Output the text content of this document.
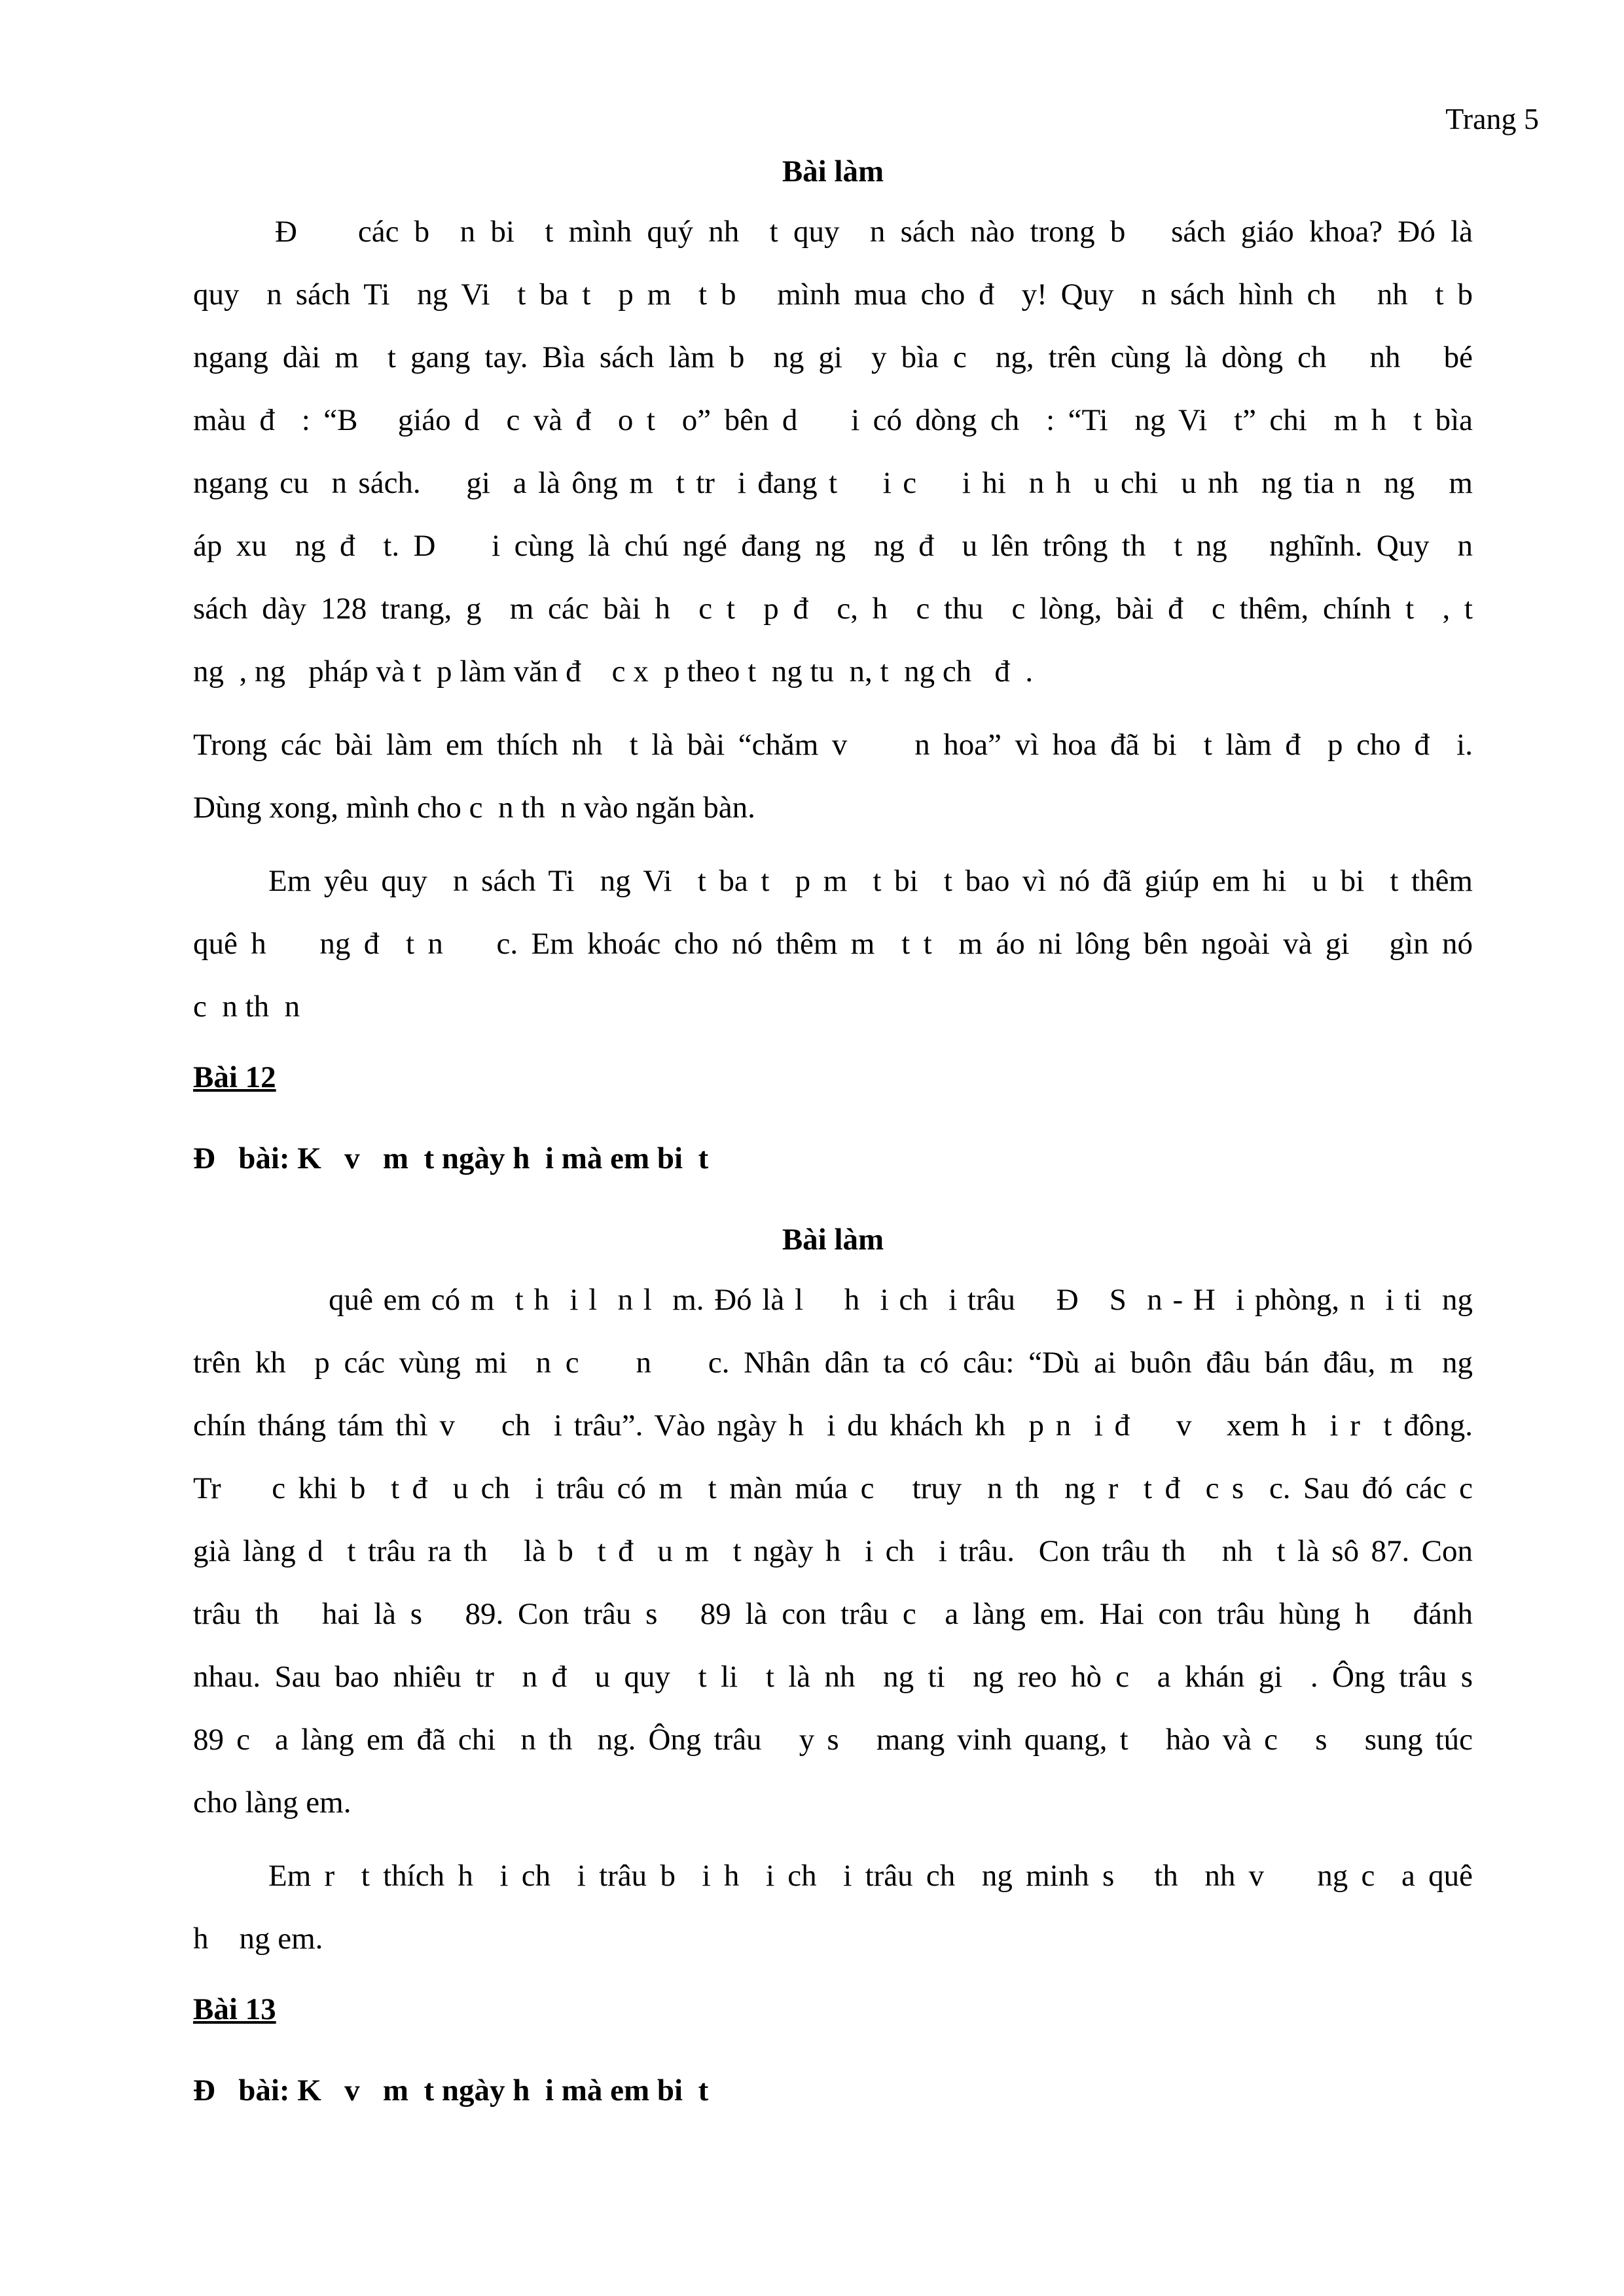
Trang 5
Bài làm
Đ    các b  n bi  t mình quý nh  t quy  n sách nào trong b   sách giáo khoa? Đó là
quy  n sách Ti  ng Vi  t ba t  p m  t b   mình mua cho đ  y! Quy  n sách hình ch   nh  t b
ngang dài m  t gang tay. Bìa sách làm b  ng gi  y bìa c  ng, trên cùng là dòng ch   nh   bé
màu đ  : “B   giáo d  c và đ  o t  o” bên d    i có dòng ch  : “Ti  ng Vi  t” chi  m h  t bìa
ngang cu  n sách.    gi  a là ông m  t tr  i đang t    i c    i hi  n h  u chi  u nh  ng tia n  ng   m
áp xu  ng đ  t. D    i cùng là chú ngé đang ng  ng đ  u lên trông th  t ng   nghĩnh. Quy  n
sách dày 128 trang, g  m các bài h  c t  p đ  c, h  c thu  c lòng, bài đ  c thêm, chính t  , t
ng  , ng   pháp và t  p làm văn đ    c x  p theo t  ng tu  n, t  ng ch   đ  .
Trong các bài làm em thích nh  t là bài “chăm v     n hoa” vì hoa đã bi  t làm đ  p cho đ  i.
Dùng xong, mình cho c  n th  n vào ngăn bàn.
Em yêu quy  n sách Ti  ng Vi  t ba t  p m  t bi  t bao vì nó đã giúp em hi  u bi  t thêm
quê h    ng đ  t n    c. Em khoác cho nó thêm m  t t  m áo ni lông bên ngoài và gi   gìn nó
c  n th  n
Bài 12
Đ   bài: K   v   m  t ngày h  i mà em bi  t
Bài làm
quê em có m  t h  i l  n l  m. Đó là l    h  i ch  i trâu    Đ   S  n - H  i phòng, n  i ti  ng
trên kh  p các vùng mi  n c    n    c. Nhân dân ta có câu: “Dù ai buôn đâu bán đâu, m  ng
chín tháng tám thì v    ch  i trâu”. Vào ngày h  i du khách kh  p n  i đ    v   xem h  i r  t đông.
Tr    c khi b  t đ  u ch  i trâu có m  t màn múa c   truy  n th  ng r  t đ  c s  c. Sau đó các c
già làng d  t trâu ra th   là b  t đ  u m  t ngày h  i ch  i trâu.  Con trâu th   nh  t là sô 87. Con
trâu th   hai là s   89. Con trâu s   89 là con trâu c  a làng em. Hai con trâu hùng h   đánh
nhau. Sau bao nhiêu tr  n đ  u quy  t li  t là nh  ng ti  ng reo hò c  a khán gi  . Ông trâu s
89 c  a làng em đã chi  n th  ng. Ông trâu   y s   mang vinh quang, t   hào và c   s   sung túc
cho làng em.
Em r  t thích h  i ch  i trâu b  i h  i ch  i trâu ch  ng minh s   th  nh v    ng c  a quê
h    ng em.
Bài 13
Đ   bài: K   v   m  t ngày h  i mà em bi  t
